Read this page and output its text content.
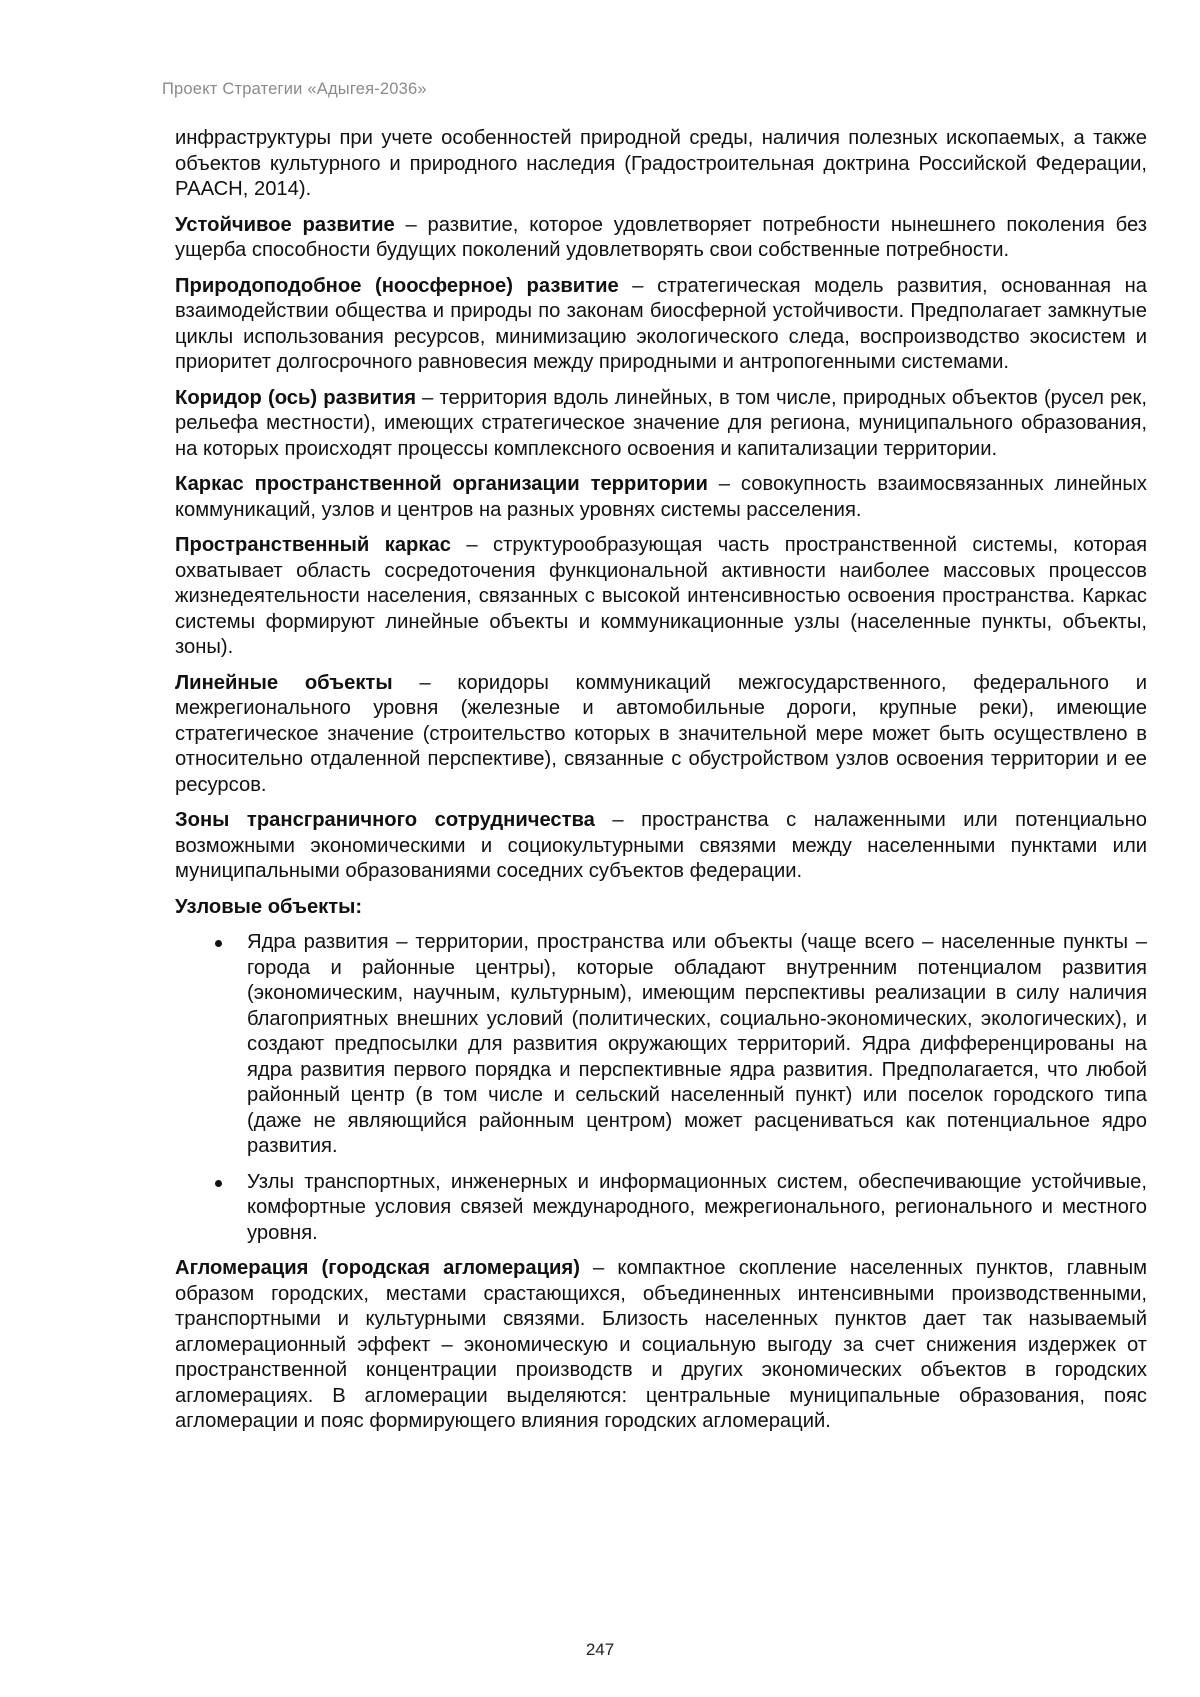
Проект Стратегии «Адыгея-2036»

инфраструктуры при учете особенностей природной среды, наличия полезных ископаемых, а также объектов культурного и природного наследия (Градостроительная доктрина Российской Федерации, РААСН, 2014).

Устойчивое развитие – развитие, которое удовлетворяет потребности нынешнего поколения без ущерба способности будущих поколений удовлетворять свои собственные потребности.

Природоподобное (ноосферное) развитие – стратегическая модель развития, основанная на взаимодействии общества и природы по законам биосферной устойчивости. Предполагает замкнутые циклы использования ресурсов, минимизацию экологического следа, воспроизводство экосистем и приоритет долгосрочного равновесия между природными и антропогенными системами.

Коридор (ось) развития – территория вдоль линейных, в том числе, природных объектов (русел рек, рельефа местности), имеющих стратегическое значение для региона, муниципального образования, на которых происходят процессы комплексного освоения и капитализации территории.

Каркас пространственной организации территории – совокупность взаимосвязанных линейных коммуникаций, узлов и центров на разных уровнях системы расселения.

Пространственный каркас – структурообразующая часть пространственной системы, которая охватывает область сосредоточения функциональной активности наиболее массовых процессов жизнедеятельности населения, связанных с высокой интенсивностью освоения пространства. Каркас системы формируют линейные объекты и коммуникационные узлы (населенные пункты, объекты, зоны).

Линейные объекты – коридоры коммуникаций межгосударственного, федерального и межрегионального уровня (железные и автомобильные дороги, крупные реки), имеющие стратегическое значение (строительство которых в значительной мере может быть осуществлено в относительно отдаленной перспективе), связанные с обустройством узлов освоения территории и ее ресурсов.

Зоны трансграничного сотрудничества – пространства с налаженными или потенциально возможными экономическими и социокультурными связями между населенными пунктами или муниципальными образованиями соседних субъектов федерации.

Узловые объекты:
Ядра развития – территории, пространства или объекты (чаще всего – населенные пункты – города и районные центры), которые обладают внутренним потенциалом развития (экономическим, научным, культурным), имеющим перспективы реализации в силу наличия благоприятных внешних условий (политических, социально-экономических, экологических), и создают предпосылки для развития окружающих территорий. Ядра дифференцированы на ядра развития первого порядка и перспективные ядра развития. Предполагается, что любой районный центр (в том числе и сельский населенный пункт) или поселок городского типа (даже не являющийся районным центром) может расцениваться как потенциальное ядро развития.
Узлы транспортных, инженерных и информационных систем, обеспечивающие устойчивые, комфортные условия связей международного, межрегионального, регионального и местного уровня.

Агломерация (городская агломерация) – компактное скопление населенных пунктов, главным образом городских, местами срастающихся, объединенных интенсивными производственными, транспортными и культурными связями. Близость населенных пунктов дает так называемый агломерационный эффект – экономическую и социальную выгоду за счет снижения издержек от пространственной концентрации производств и других экономических объектов в городских агломерациях. В агломерации выделяются: центральные муниципальные образования, пояс агломерации и пояс формирующего влияния городских агломераций.

247
